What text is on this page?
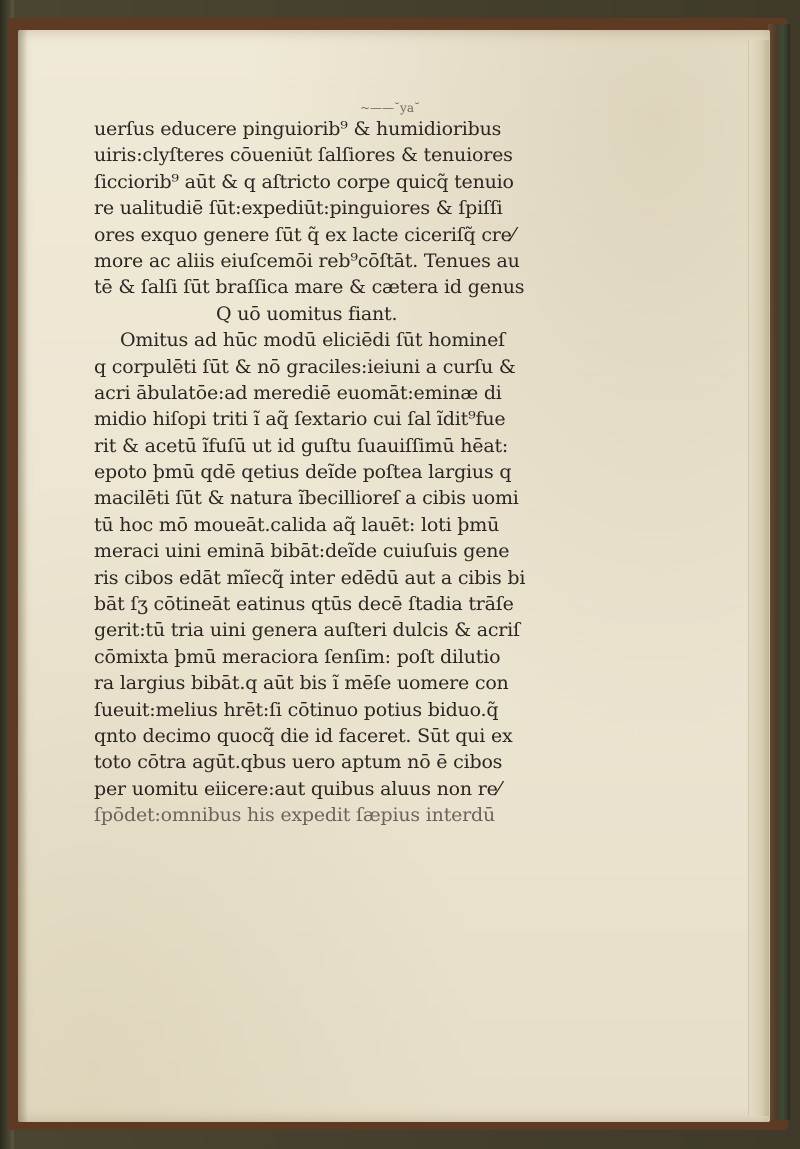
~——˘ya˘
uerſus educere pinguiorib⁹ & humidioribus
uiris:clyſteres cōueniūt ſalſiores & tenuiores
ſicciorib⁹ aūt & q aſtricto corpe quicq̃ tenuio
re ualitudiē ſūt:expediūt:pinguiores & ſpiſſi
ores exquo genere ſūt q̃ ex lacte ciceriſq̃ cre⁄
more ac aliis eiuſcemōi reb⁹cōſtāt. Tenues au
tē & ſalſi ſūt braſſica mare & cætera id genus
Q uō uomitus fiant.
Omitus ad hūc modū eliciēdi ſūt homineſ
q corpulēti ſūt & nō graciles:ieiuni a curſu &
acri ābulatōe:ad merediē euomāt:eminæ di
midio hiſopi triti ĩ aq̃ ſextario cui ſal ĩdit⁹fue
rit & acetū ĩfuſū ut id guſtu ſuauiſſimū hēat:
epoto þmū qdē qetius deĩde poſtea largius q
macilēti ſūt & natura ĩbecillioreſ a cibis uomi
tū hoc mō moueāt.calida aq̃ lauēt: loti þmū
meraci uini eminā bibāt:deĩde cuiuſuis gene
ris cibos edāt mĩecq̃ inter edēdū aut a cibis bi
bāt ſʒ cōtineāt eatinus qtūs decē ſtadia trāſe
gerit:tū tria uini genera auſteri dulcis & acriſ
cōmixta þmū meraciora ſenſim: poſt dilutio
ra largius bibāt.q aūt bis ĩ mēſe uomere con
ſueuit:melius hrēt:ſi cōtinuo potius biduo.q̃
qnto decimo quocq̃ die id faceret. Sūt qui ex
toto cōtra agūt.qbus uero aptum nō ē cibos
per uomitu eiicere:aut quibus aluus non re⁄
ſpōdet:omnibus his expedit ſæpius interdū
